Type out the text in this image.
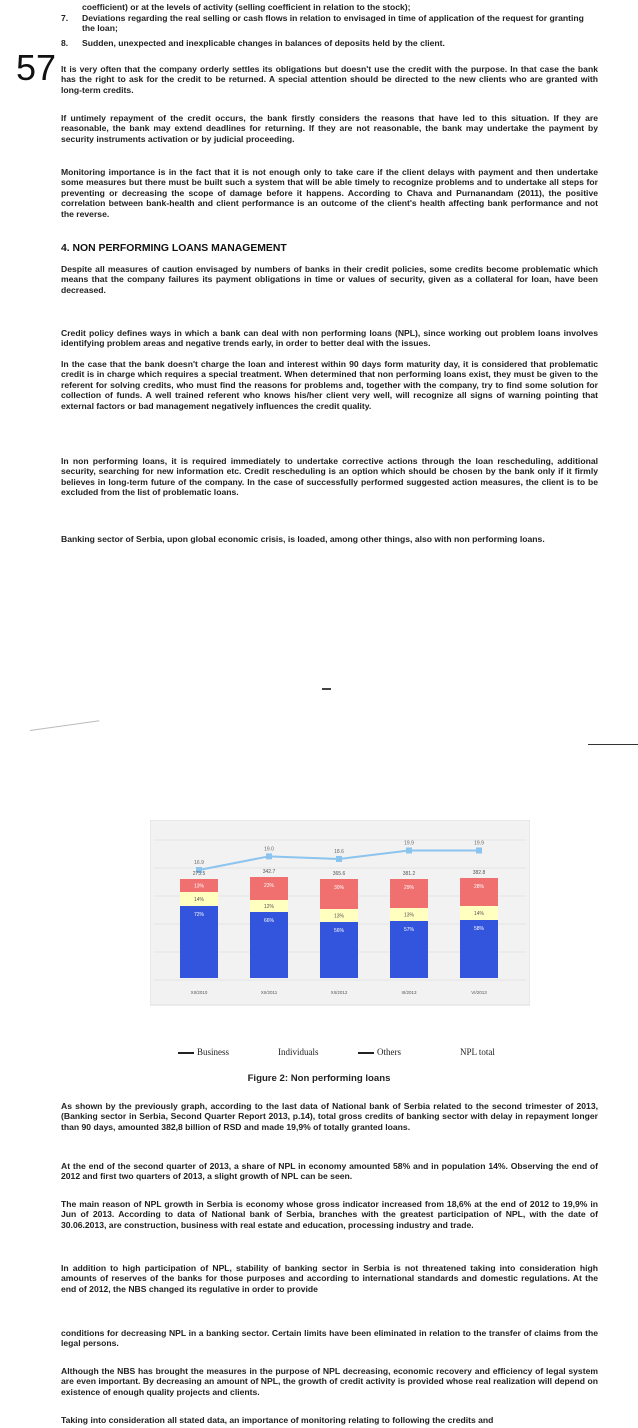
coefficient) or at the levels of activity (selling coefficient in relation to the stock);
7. Deviations regarding the real selling or cash flows in relation to envisaged in time of application of the request for granting the loan;
8. Sudden, unexpected and inexplicable changes in balances of deposits held by the client.
57 It is very often that the company orderly settles its obligations but doesn't use the credit with the purpose. In that case the bank has the right to ask for the credit to be returned. A special attention should be directed to the new clients who are granted with long-term credits.
If untimely repayment of the credit occurs, the bank firstly considers the reasons that have led to this situation. If they are reasonable, the bank may extend deadlines for returning. If they are not reasonable, the bank may undertake the payment by security instruments activation or by judicial proceeding.
Monitoring importance is in the fact that it is not enough only to take care if the client delays with payment and then undertake some measures but there must be built such a system that will be able timely to recognize problems and to undertake all steps for preventing or decreasing the scope of damage before it happens. According to Chava and Purnanandam (2011), the positive correlation between bank-health and client performance is an outcome of the client's health affecting bank performance and not the reverse.
4. NON PERFORMING LOANS MANAGEMENT
Despite all measures of caution envisaged by numbers of banks in their credit policies, some credits become problematic which means that the company failures its payment obligations in time or values of security, given as a collateral for loan, have been decreased.
Credit policy defines ways in which a bank can deal with non performing loans (NPL), since working out problem loans involves identifying problem areas and negative trends early, in order to better deal with the issues.
In the case that the bank doesn't charge the loan and interest within 90 days form maturity day, it is considered that problematic credit is in charge which requires a special treatment. When determined that non performing loans exist, they must be given to the referent for solving credits, who must find the reasons for problems and, together with the company, try to find some solution for collection of funds. A well trained referent who knows his/her client very well, will recognize all signs of warning pointing that external factors or bad management negatively influences the credit quality.
In non performing loans, it is required immediately to undertake corrective actions through the loan rescheduling, additional security, searching for new information etc. Credit rescheduling is an option which should be chosen by the bank only if it firmly believes in long-term future of the company. In the case of successfully performed suggested action measures, the client is to be excluded from the list of problematic loans.
Banking sector of Serbia, upon global economic crisis, is loaded, among other things, also with non performing loans.
72%
14%
13%
273.5
XII/2010
66%
12%
23%
342.7
XII/2011
56%
13%
30%
365.6
XII/2012
57%
13%
29%
381.2
III/2013
58%
14%
28%
382.8
VI/2013
16.9
19.0	18.6
19.9	19.9
Business	Individuals	Others	NPL total
Figure 2: Non performing loans
As shown by the previously graph, according to the last data of National bank of Serbia related to the second trimester of 2013, (Banking sector in Serbia, Second Quarter Report 2013, p.14), total gross credits of banking sector with delay in repayment longer than 90 days, amounted 382,8 billion of RSD and made 19,9% of totally granted loans.
At the end of the second quarter of 2013, a share of NPL in economy amounted 58% and in population 14%. Observing the end of 2012 and first two quarters of 2013, a slight growth of NPL can be seen.
The main reason of NPL growth in Serbia is economy whose gross indicator increased from 18,6% at the end of 2012 to 19,9% in Jun of 2013. According to data of National bank of Serbia, branches with the greatest participation of NPL, with the date of 30.06.2013, are construction, business with real estate and education, processing industry and trade.
In addition to high participation of NPL, stability of banking sector in Serbia is not threatened taking into consideration high amounts of reserves of the banks for those purposes and according to international standards and domestic regulations. At the end of 2012, the NBS changed its regulative in order to provide
conditions for decreasing NPL in a banking sector. Certain limits have been eliminated in relation to the transfer of claims from the legal persons.
Although the NBS has brought the measures in the purpose of NPL decreasing, economic recovery and efficiency of legal system are even important. By decreasing an amount of NPL, the growth of credit activity is provided whose real realization will depend on existence of enough quality projects and clients.
Taking into consideration all stated data, an importance of monitoring relating to following the credits and
